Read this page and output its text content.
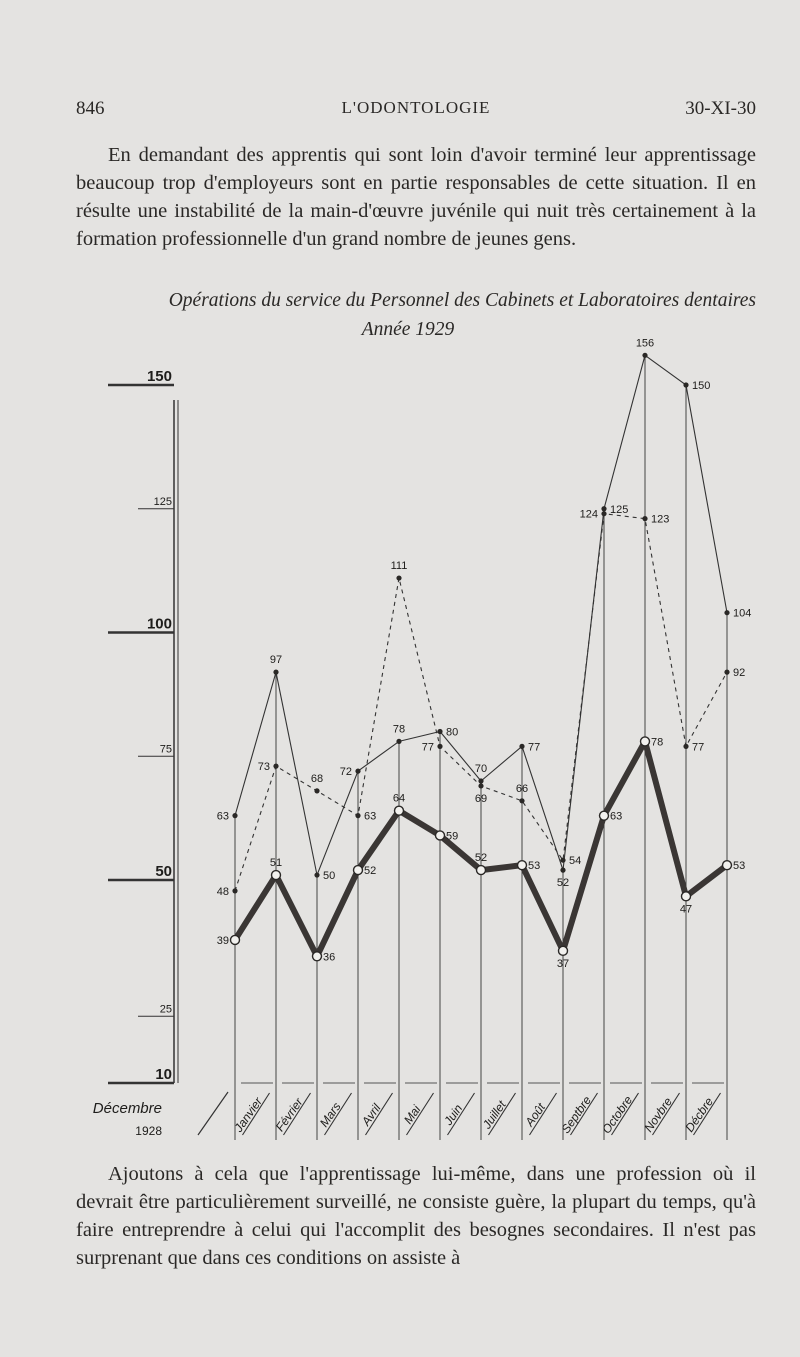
846	L'ODONTOLOGIE	30-XI-30

En demandant des apprentis qui sont loin d'avoir terminé leur apprentissage beaucoup trop d'employeurs sont en partie responsables de cette situation. Il en résulte une instabilité de la main-d'œuvre juvénile qui nuit très certainement à la formation professionnelle d'un grand nombre de jeunes gens.

Opérations du service du Personnel des Cabinets et Laboratoires dentaires
Année 1929
10
25
50
75
100
125
150
Décembre
1928	Janvier Février Mars Avril Mai Juin Juillet Août Septbre Octobre Novbre Décbre
63
97
50
72
78	80
70
77
52
125
156
150
104
48
73
68
63
111
77
69
66
54
124	123
77
92
39
51
36
52
64
59
52
53
37
63
78
47
53

Ajoutons à cela que l'apprentissage lui-même, dans une profession où il devrait être particulièrement surveillé, ne consiste guère, la plupart du temps, qu'à faire entreprendre à celui qui l'accomplit des besognes secondaires. Il n'est pas surprenant que dans ces conditions on assiste à
